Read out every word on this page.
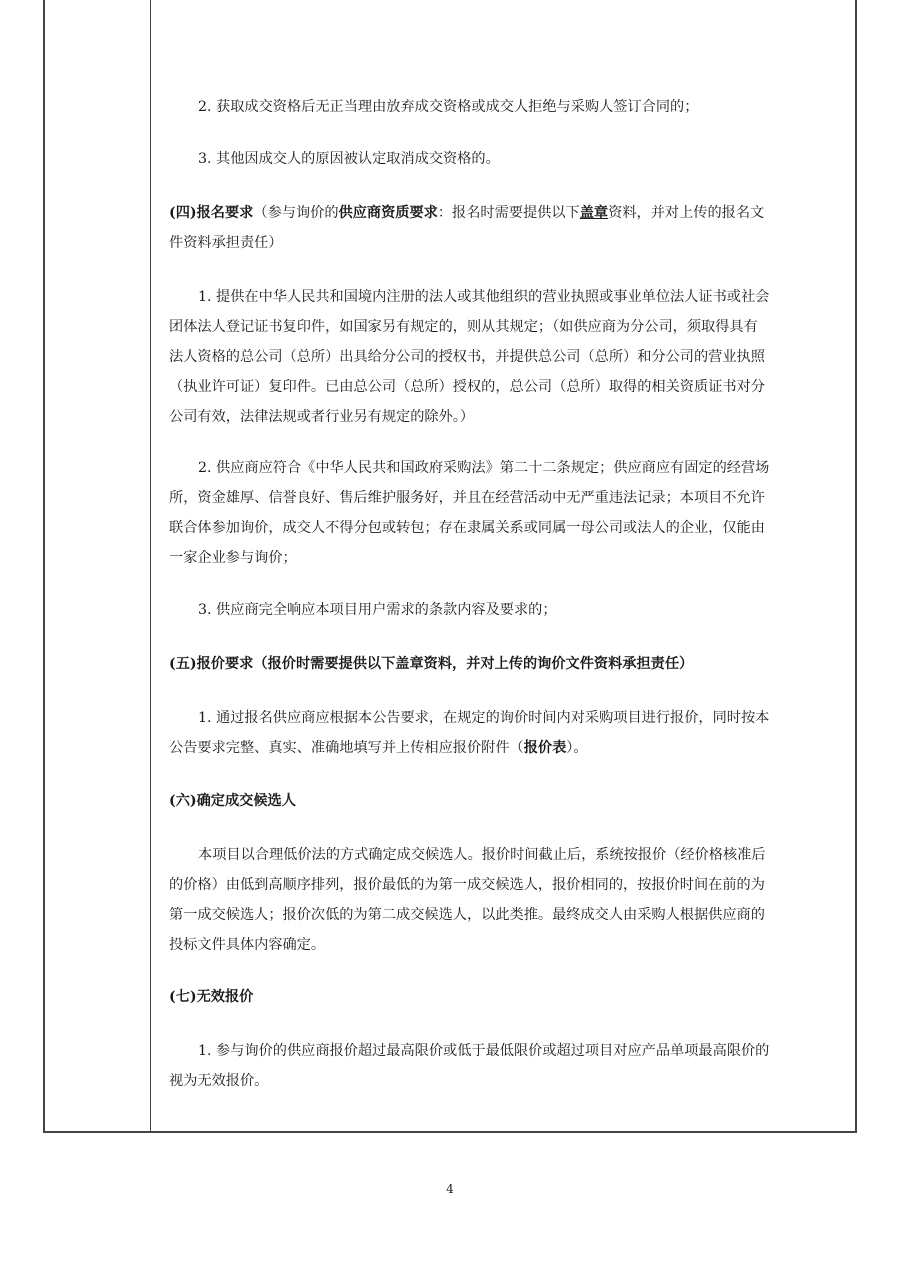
2. 获取成交资格后无正当理由放弃成交资格或成交人拒绝与采购人签订合同的；

3. 其他因成交人的原因被认定取消成交资格的。

(四)报名要求（参与询价的供应商资质要求：报名时需要提供以下盖章资料，并对上传的报名文

件资料承担责任）

1. 提供在中华人民共和国境内注册的法人或其他组织的营业执照或事业单位法人证书或社会

团体法人登记证书复印件，如国家另有规定的，则从其规定；（如供应商为分公司，须取得具有

法人资格的总公司（总所）出具给分公司的授权书，并提供总公司（总所）和分公司的营业执照

（执业许可证）复印件。已由总公司（总所）授权的，总公司（总所）取得的相关资质证书对分

公司有效，法律法规或者行业另有规定的除外。）

2. 供应商应符合《中华人民共和国政府采购法》第二十二条规定；供应商应有固定的经营场

所，资金雄厚、信誉良好、售后维护服务好，并且在经营活动中无严重违法记录；本项目不允许

联合体参加询价，成交人不得分包或转包；存在隶属关系或同属一母公司或法人的企业，仅能由

一家企业参与询价；

3. 供应商完全响应本项目用户需求的条款内容及要求的；

(五)报价要求（报价时需要提供以下盖章资料，并对上传的询价文件资料承担责任）

1. 通过报名供应商应根据本公告要求，在规定的询价时间内对采购项目进行报价，同时按本

公告要求完整、真实、准确地填写并上传相应报价附件（报价表）。

(六)确定成交候选人

本项目以合理低价法的方式确定成交候选人。报价时间截止后，系统按报价（经价格核准后

的价格）由低到高顺序排列，报价最低的为第一成交候选人，报价相同的，按报价时间在前的为

第一成交候选人；报价次低的为第二成交候选人，以此类推。最终成交人由采购人根据供应商的

投标文件具体内容确定。

(七)无效报价

1. 参与询价的供应商报价超过最高限价或低于最低限价或超过项目对应产品单项最高限价的

视为无效报价。

4
